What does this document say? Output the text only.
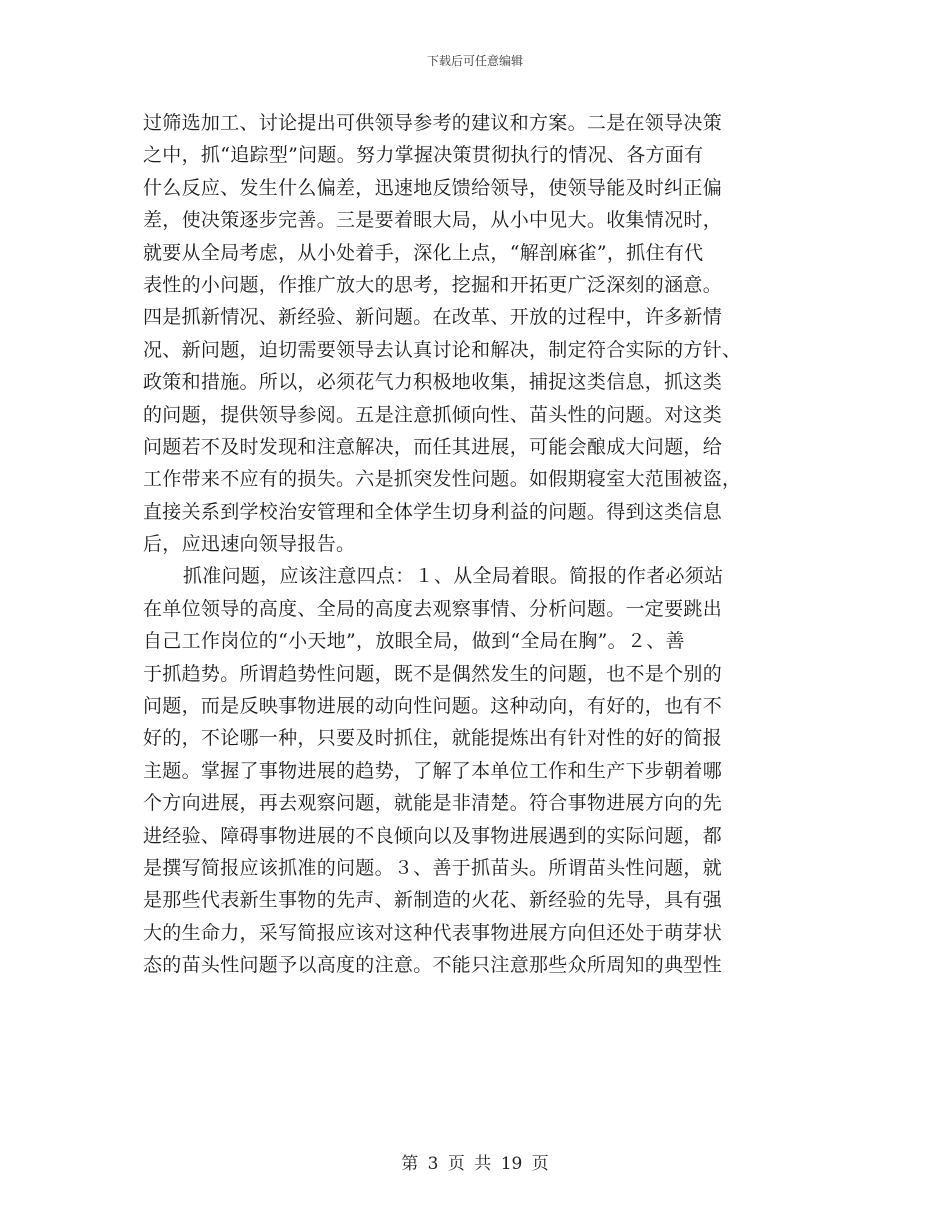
下载后可任意编辑
过筛选加工、讨论提出可供领导参考的建议和方案。二是在领导决策
之中，抓“追踪型”问题。努力掌握决策贯彻执行的情况、各方面有
什么反应、发生什么偏差，迅速地反馈给领导，使领导能及时纠正偏
差，使决策逐步完善。三是要着眼大局，从小中见大。收集情况时，
就要从全局考虑，从小处着手，深化上点，“解剖麻雀”，抓住有代
表性的小问题，作推广放大的思考，挖掘和开拓更广泛深刻的涵意。
四是抓新情况、新经验、新问题。在改革、开放的过程中，许多新情
况、新问题，迫切需要领导去认真讨论和解决，制定符合实际的方针、
政策和措施。所以，必须花气力积极地收集，捕捉这类信息，抓这类
的问题，提供领导参阅。五是注意抓倾向性、苗头性的问题。对这类
问题若不及时发现和注意解决，而任其进展，可能会酿成大问题，给
工作带来不应有的损失。六是抓突发性问题。如假期寝室大范围被盗，
直接关系到学校治安管理和全体学生切身利益的问题。得到这类信息
后，应迅速向领导报告。
抓准问题，应该注意四点：１、从全局着眼。简报的作者必须站
在单位领导的高度、全局的高度去观察事情、分析问题。一定要跳出
自己工作岗位的“小天地”，放眼全局，做到“全局在胸”。２、善
于抓趋势。所谓趋势性问题，既不是偶然发生的问题，也不是个别的
问题，而是反映事物进展的动向性问题。这种动向，有好的，也有不
好的，不论哪一种，只要及时抓住，就能提炼出有针对性的好的简报
主题。掌握了事物进展的趋势，了解了本单位工作和生产下步朝着哪
个方向进展，再去观察问题，就能是非清楚。符合事物进展方向的先
进经验、障碍事物进展的不良倾向以及事物进展遇到的实际问题，都
是撰写简报应该抓准的问题。３、善于抓苗头。所谓苗头性问题，就
是那些代表新生事物的先声、新制造的火花、新经验的先导，具有强
大的生命力，采写简报应该对这种代表事物进展方向但还处于萌芽状
态的苗头性问题予以高度的注意。不能只注意那些众所周知的典型性
第 3 页 共 19 页
